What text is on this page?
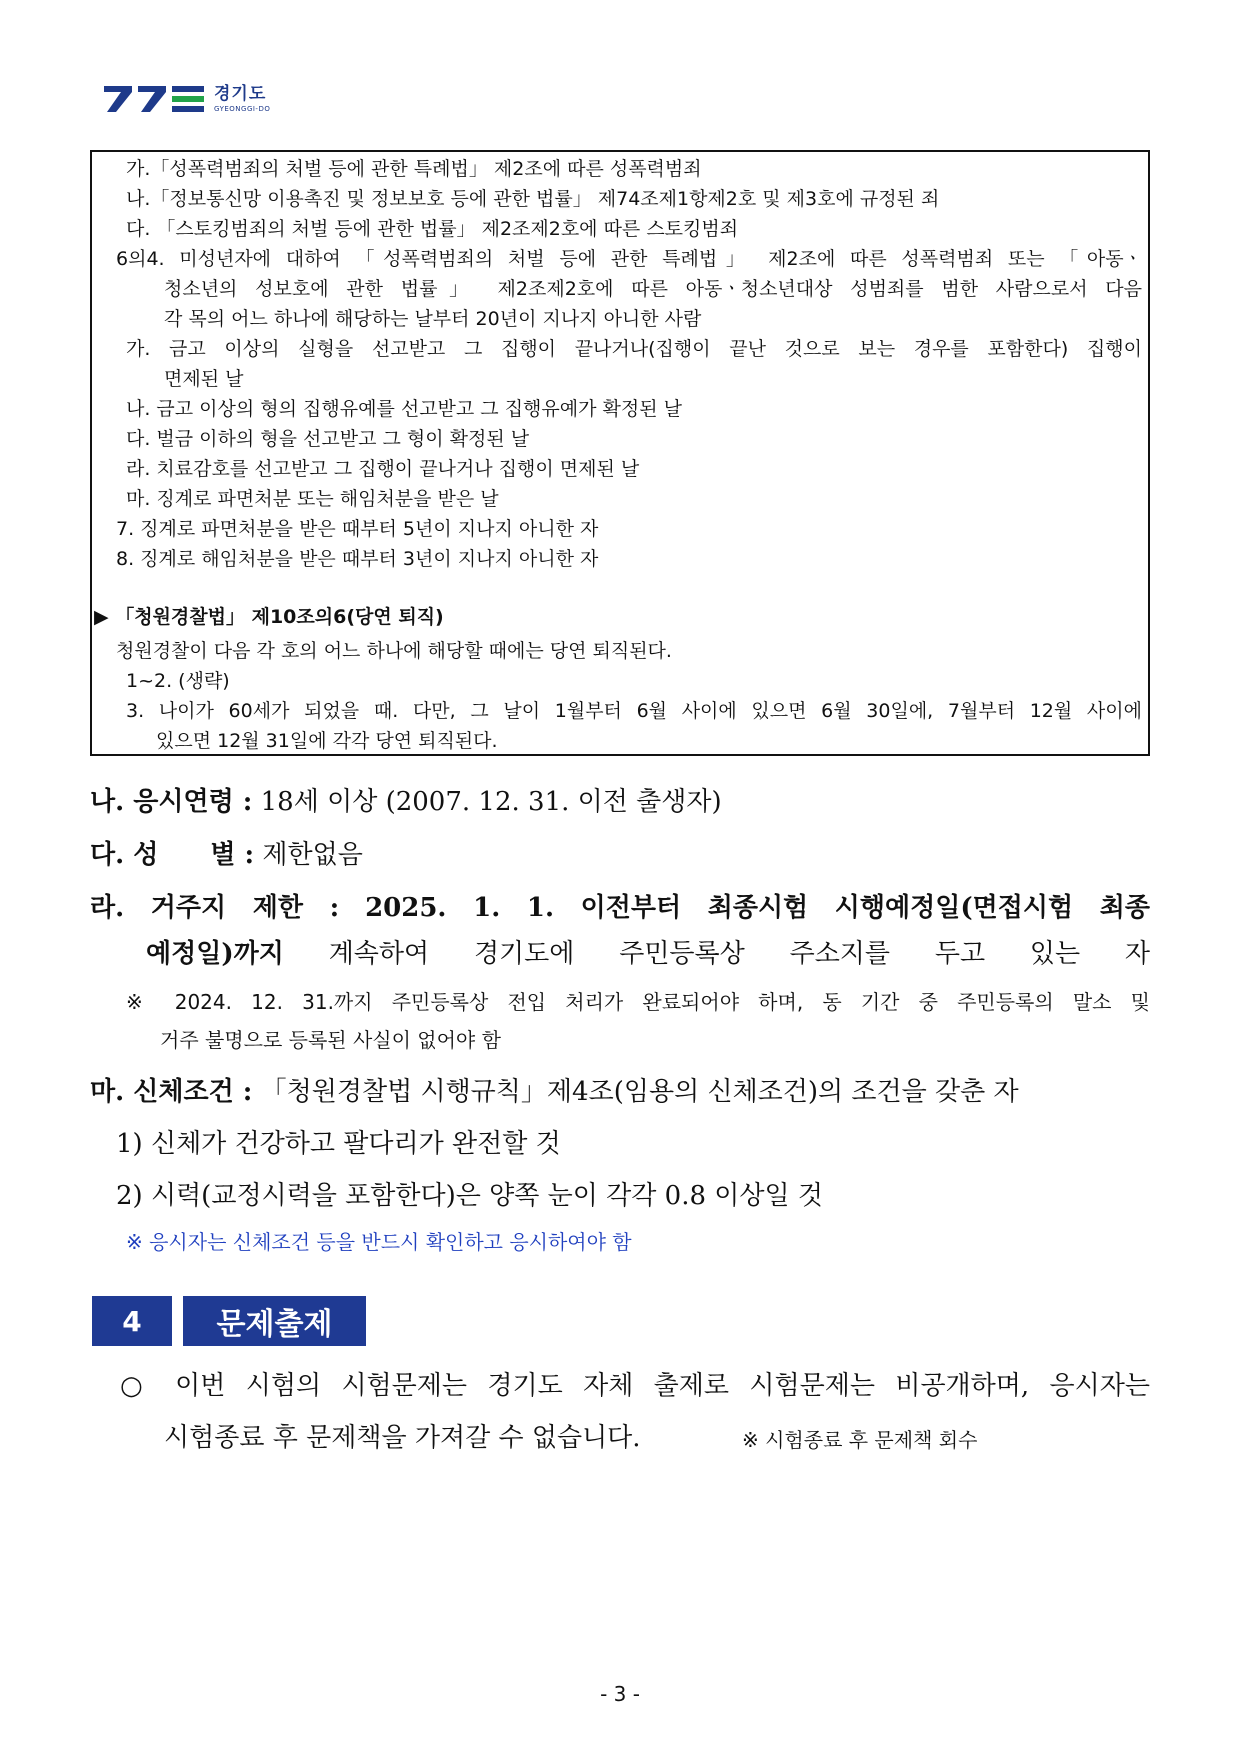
경기도
GYEONGGI-DO
가.「성폭력범죄의 처벌 등에 관한 특례법」 제2조에 따른 성폭력범죄
나.「정보통신망 이용촉진 및 정보보호 등에 관한 법률」 제74조제1항제2호 및 제3호에 규정된 죄
다. 「스토킹범죄의 처벌 등에 관한 법률」 제2조제2호에 따른 스토킹범죄
6의4. 미성년자에 대하여 「성폭력범죄의 처벌 등에 관한 특례법」 제2조에 따른 성폭력범죄 또는 「아동ㆍ
청소년의 성보호에 관한 법률」 제2조제2호에 따른 아동ㆍ청소년대상 성범죄를 범한 사람으로서 다음
각 목의 어느 하나에 해당하는 날부터 20년이 지나지 아니한 사람
가. 금고 이상의 실형을 선고받고 그 집행이 끝나거나(집행이 끝난 것으로 보는 경우를 포함한다) 집행이
면제된 날
나. 금고 이상의 형의 집행유예를 선고받고 그 집행유예가 확정된 날
다. 벌금 이하의 형을 선고받고 그 형이 확정된 날
라. 치료감호를 선고받고 그 집행이 끝나거나 집행이 면제된 날
마. 징계로 파면처분 또는 해임처분을 받은 날
7. 징계로 파면처분을 받은 때부터 5년이 지나지 아니한 자
8. 징계로 해임처분을 받은 때부터 3년이 지나지 아니한 자
▶ 「청원경찰법」 제10조의6(당연 퇴직)
청원경찰이 다음 각 호의 어느 하나에 해당할 때에는 당연 퇴직된다.
1~2. (생략)
3. 나이가 60세가 되었을 때. 다만, 그 날이 1월부터 6월 사이에 있으면 6월 30일에, 7월부터 12월 사이에
있으면 12월 31일에 각각 당연 퇴직된다.
나. 응시연령 : 18세 이상 (2007. 12. 31. 이전 출생자)
다. 성　　별 : 제한없음
라. 거주지 제한 : 2025. 1. 1. 이전부터 최종시험 시행예정일(면접시험 최종
예정일)까지 계속하여 경기도에 주민등록상 주소지를 두고 있는 자
※ 2024. 12. 31.까지 주민등록상 전입 처리가 완료되어야 하며, 동 기간 중 주민등록의 말소 및
거주 불명으로 등록된 사실이 없어야 함
마. 신체조건 : 「청원경찰법 시행규칙」제4조(임용의 신체조건)의 조건을 갖춘 자
1) 신체가 건강하고 팔다리가 완전할 것
2) 시력(교정시력을 포함한다)은 양쪽 눈이 각각 0.8 이상일 것
※ 응시자는 신체조건 등을 반드시 확인하고 응시하여야 함
4	문제출제
○ 이번 시험의 시험문제는 경기도 자체 출제로 시험문제는 비공개하며, 응시자는
시험종료 후 문제책을 가져갈 수 없습니다.	※ 시험종료 후 문제책 회수
- 3 -
